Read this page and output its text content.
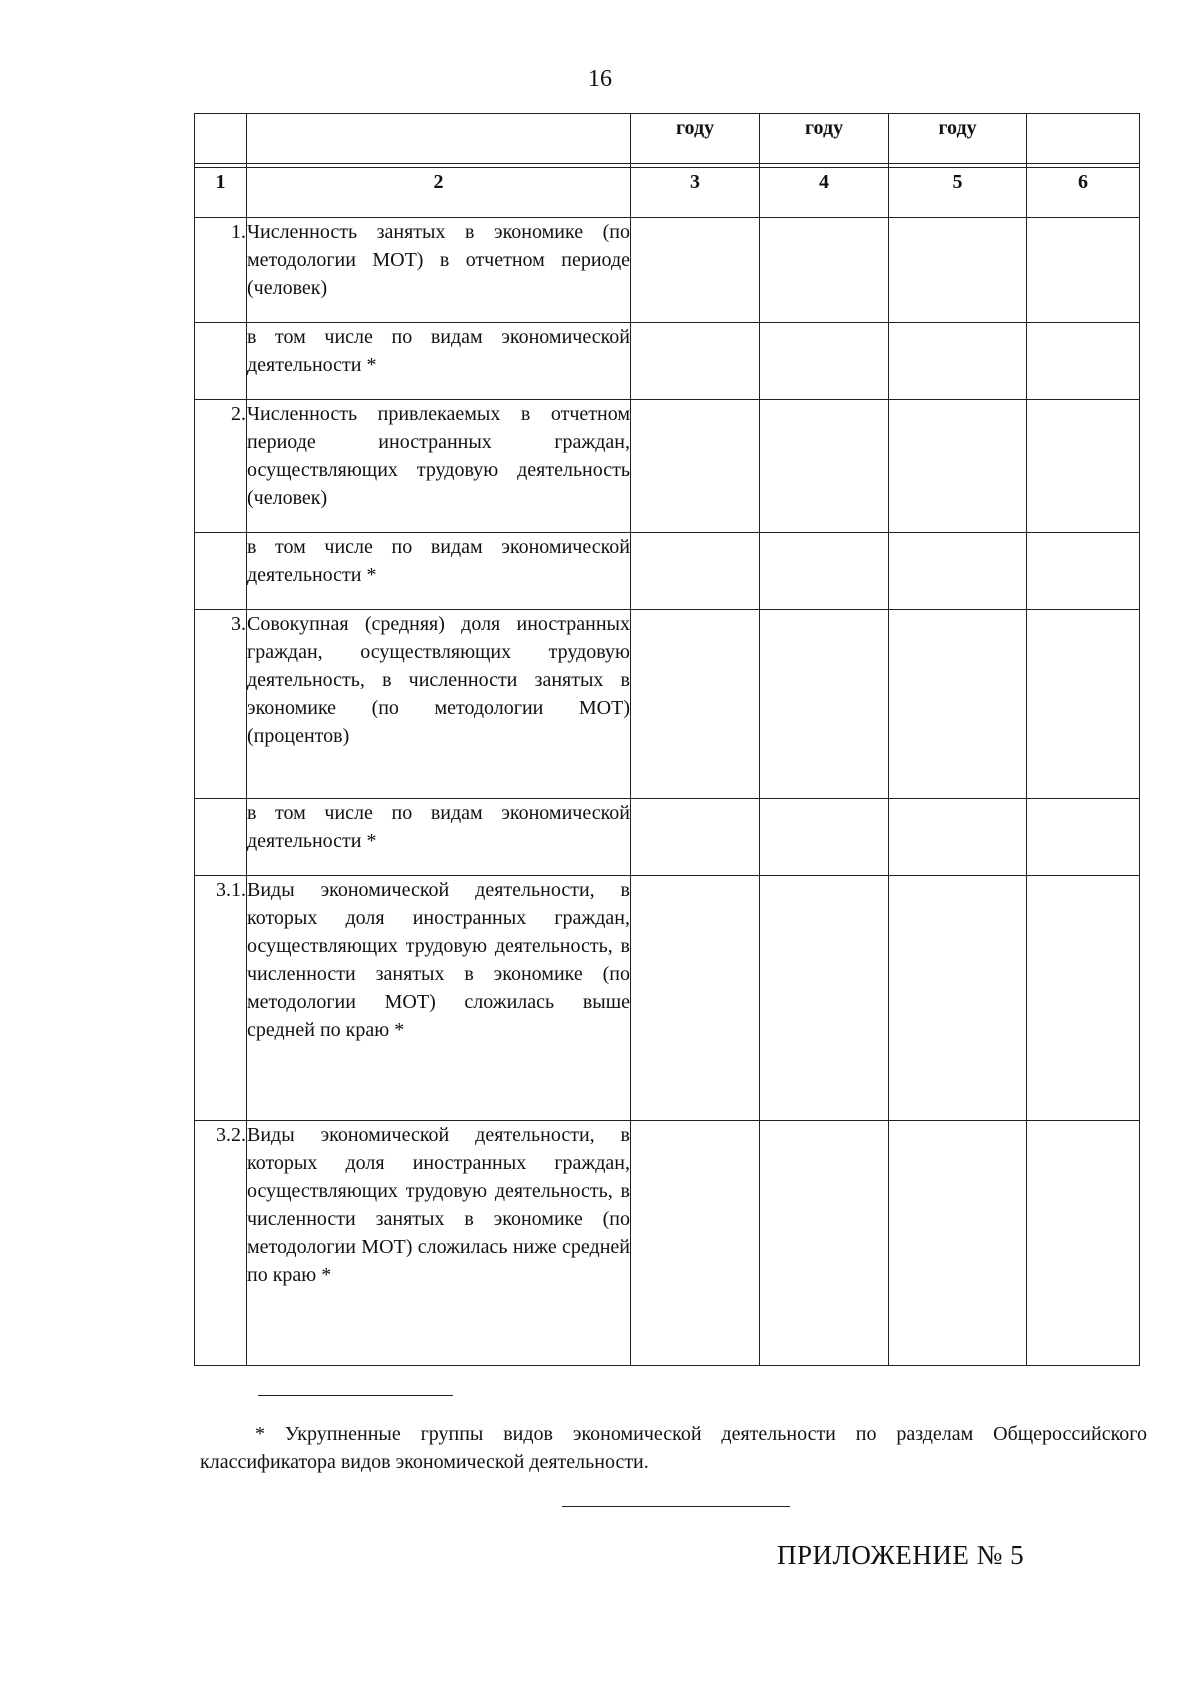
16
		году	году	году	

1	2	3	4	5	6
1.	Численность занятых в экономике (по методологии МОТ) в отчетном периоде (человек)				
	в том числе по видам экономической деятельности *				
2.	Численность привлекаемых в отчетном периоде иностранных граждан, осуществляющих трудовую деятельность (человек)				
	в том числе по видам экономической деятельности *				
3.	Совокупная (средняя) доля иностранных граждан, осуществляющих трудовую деятельность, в численности занятых в экономике (по методологии МОТ) (процентов)				
	в том числе по видам экономической деятельности *				
3.1.	Виды экономической деятельности, в которых доля иностранных граждан, осуществляющих трудовую деятельность, в численности занятых в экономике (по методологии МОТ) сложилась выше средней по краю *				
3.2.	Виды экономической деятельности, в которых доля иностранных граждан, осуществляющих трудовую деятельность, в численности занятых в экономике (по методологии МОТ) сложилась ниже средней по краю *				
* Укрупненные группы видов экономической деятельности по разделам Общероссийского классификатора видов экономической деятельности.
ПРИЛОЖЕНИЕ № 5
